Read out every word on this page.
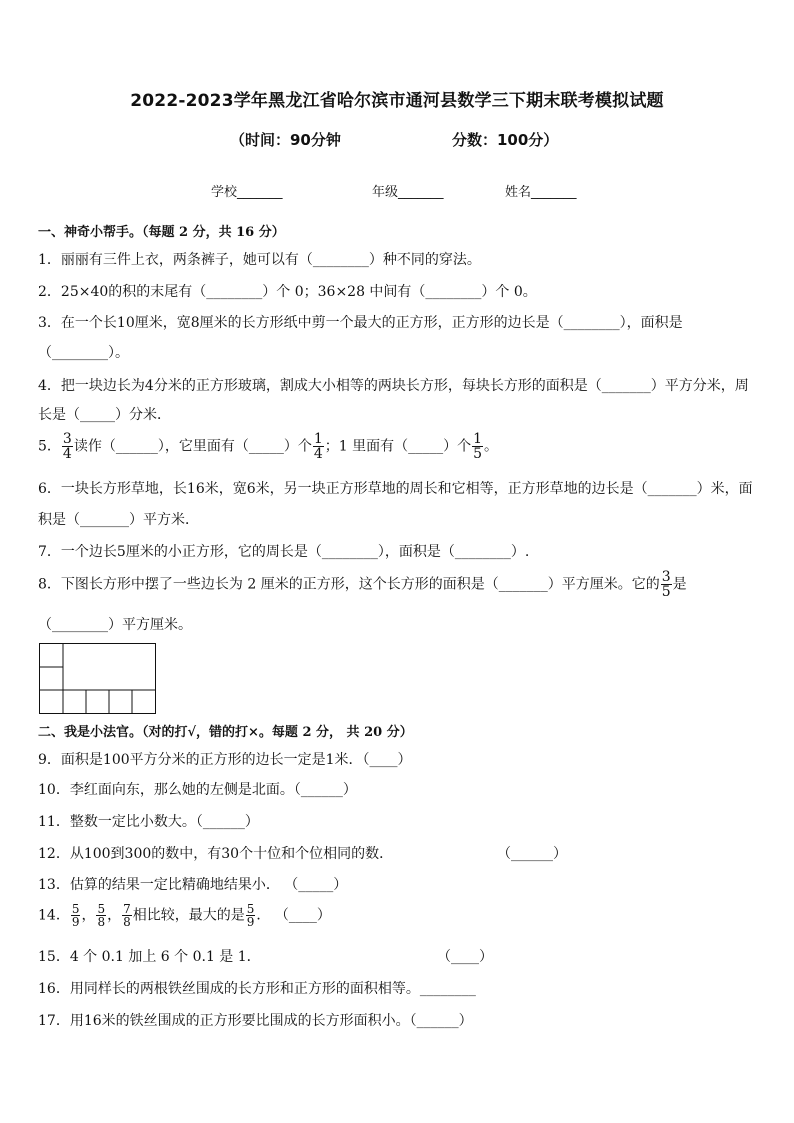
2022-2023学年黑龙江省哈尔滨市通河县数学三下期末联考模拟试题
（时间：90分钟	分数：100分）
学校_______	年级_______	姓名_______
一、神奇小帮手。（每题 2 分，共 16 分）
1．丽丽有三件上衣，两条裤子，她可以有（________）种不同的穿法。
2．25×40的积的末尾有（________）个 0；36×28 中间有（________）个 0。
3．在一个长10厘米，宽8厘米的长方形纸中剪一个最大的正方形，正方形的边长是（________），面积是
（________）。
4．把一块边长为4分米的正方形玻璃，割成大小相等的两块长方形，每块长方形的面积是（_______）平方分米，周
长是（_____）分米．
5． $\frac{3}{4}$ 读作（______），它里面有（_____）个 $\frac{1}{4}$ ；1 里面有（_____）个 $\frac{1}{5}$ 。
6．一块长方形草地，长16米，宽6米，另一块正方形草地的周长和它相等，正方形草地的边长是（_______）米，面
积是（_______）平方米．
7．一个边长5厘米的小正方形，它的周长是（________），面积是（________）.
8．下图长方形中摆了一些边长为 2 厘米的正方形，这个长方形的面积是（_______）平方厘米。它的 $\frac{3}{5}$ 是
（________）平方厘米。
二、我是小法官。（对的打√，错的打×。每题 2 分， 共 20 分）
9．面积是100平方分米的正方形的边长一定是1米．（____）
10．李红面向东，那么她的左侧是北面。（______）
11．整数一定比小数大。（______）
12．从100到300的数中，有30个十位和个位相同的数．	（______）
13．估算的结果一定比精确地结果小． （_____）
14． $\frac{5}{9}$ ， $\frac{5}{8}$ ， $\frac{7}{8}$ 相比较，最大的是 $\frac{5}{9}$ ． （____）
15．4 个 0.1 加上 6 个 0.1 是 1．	（____）
16．用同样长的两根铁丝围成的长方形和正方形的面积相等。________
17．用16米的铁丝围成的正方形要比围成的长方形面积小。（______）
